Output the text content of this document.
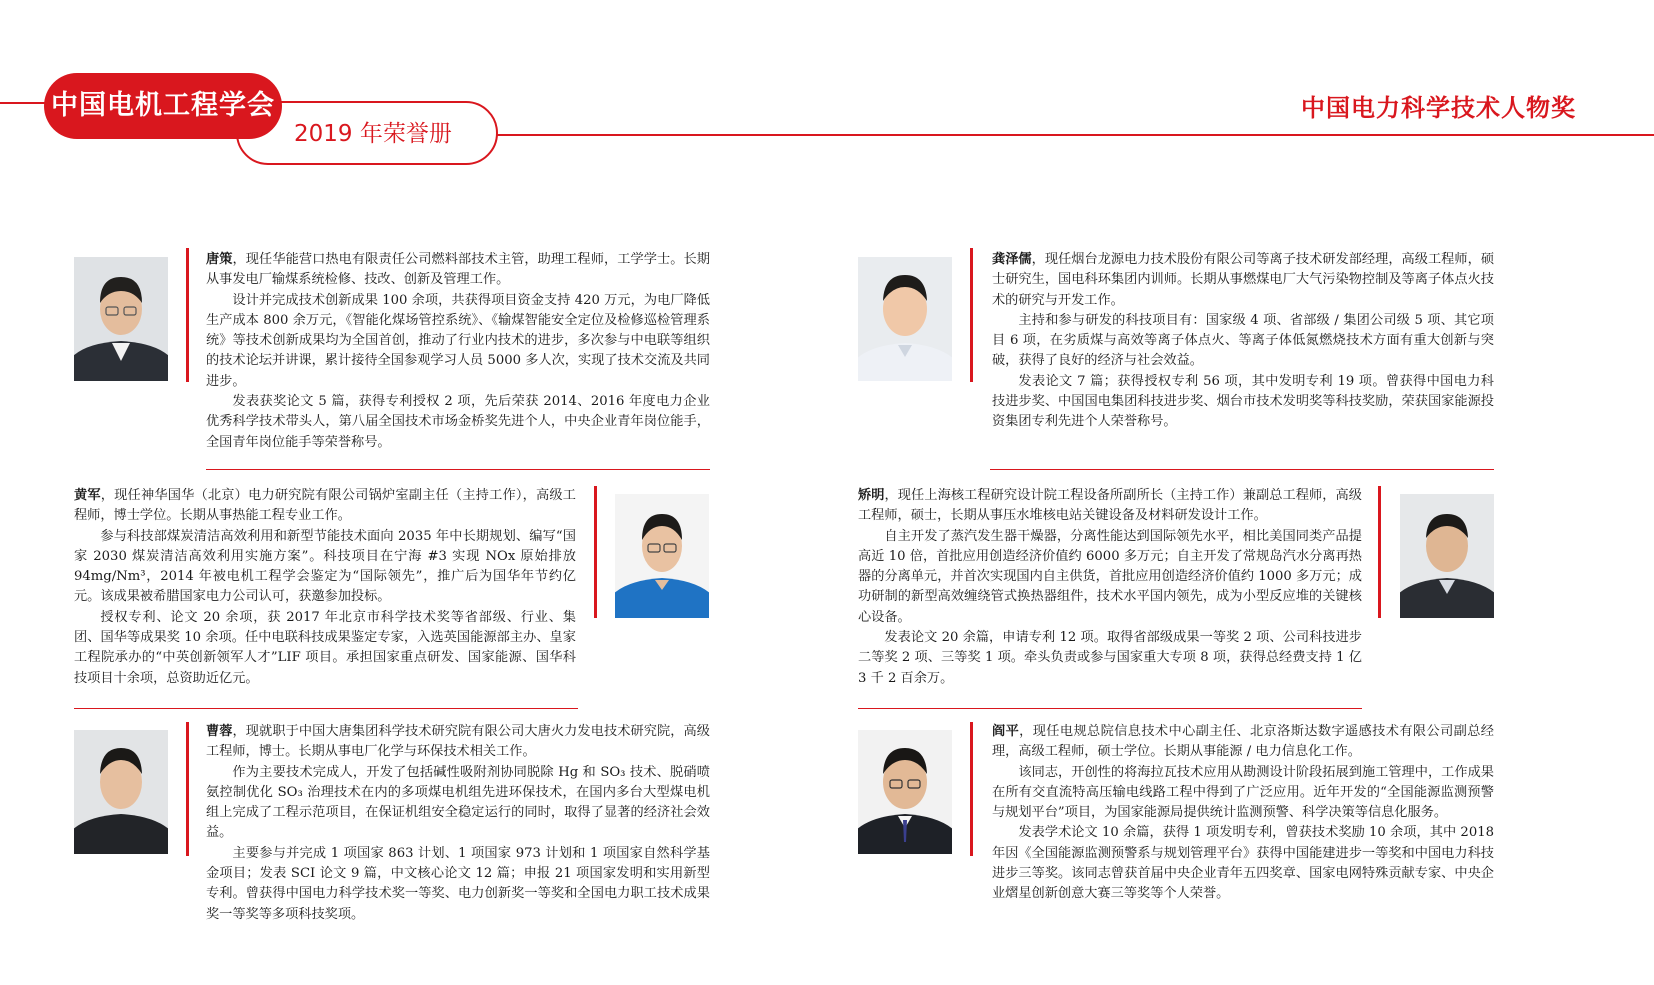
2019 年荣誉册
中国电机工程学会	中国电力科学技术人物奖

唐策，现任华能营口热电有限责任公司燃料部技术主管，助理工程师，工学学士。长期从事发电厂输煤系统检修、技改、创新及管理工作。

设计并完成技术创新成果 100 余项，共获得项目资金支持 420 万元，为电厂降低生产成本 800 余万元，《智能化煤场管控系统》、《输煤智能安全定位及检修巡检管理系统》等技术创新成果均为全国首创，推动了行业内技术的进步，多次参与中电联等组织的技术论坛并讲课，累计接待全国参观学习人员 5000 多人次，实现了技术交流及共同进步。

发表获奖论文 5 篇，获得专利授权 2 项，先后荣获 2014、2016 年度电力企业优秀科学技术带头人，第八届全国技术市场金桥奖先进个人，中央企业青年岗位能手，全国青年岗位能手等荣誉称号。

龚泽儒，现任烟台龙源电力技术股份有限公司等离子技术研发部经理，高级工程师，硕士研究生，国电科环集团内训师。长期从事燃煤电厂大气污染物控制及等离子体点火技术的研究与开发工作。

主持和参与研发的科技项目有：国家级 4 项、省部级 / 集团公司级 5 项、其它项目 6 项，在劣质煤与高效等离子体点火、等离子体低氮燃烧技术方面有重大创新与突破，获得了良好的经济与社会效益。

发表论文 7 篇；获得授权专利 56 项，其中发明专利 19 项。曾获得中国电力科技进步奖、中国国电集团科技进步奖、烟台市技术发明奖等科技奖励，荣获国家能源投资集团专利先进个人荣誉称号。

黄军，现任神华国华（北京）电力研究院有限公司锅炉室副主任（主持工作），高级工程师，博士学位。长期从事热能工程专业工作。

参与科技部煤炭清洁高效利用和新型节能技术面向 2035 年中长期规划、编写“国家 2030 煤炭清洁高效利用实施方案”。科技项目在宁海 #3 实现 NOx 原始排放 94mg/Nm³，2014 年被电机工程学会鉴定为“国际领先”，推广后为国华年节约亿元。该成果被希腊国家电力公司认可，获邀参加投标。

授权专利、论文 20 余项，获 2017 年北京市科学技术奖等省部级、行业、集团、国华等成果奖 10 余项。任中电联科技成果鉴定专家，入选英国能源部主办、皇家工程院承办的“中英创新领军人才”LIF 项目。承担国家重点研发、国家能源、国华科技项目十余项，总资助近亿元。

矫明，现任上海核工程研究设计院工程设备所副所长（主持工作）兼副总工程师，高级工程师，硕士，长期从事压水堆核电站关键设备及材料研发设计工作。

自主开发了蒸汽发生器干燥器，分离性能达到国际领先水平，相比美国同类产品提高近 10 倍，首批应用创造经济价值约 6000 多万元；自主开发了常规岛汽水分离再热器的分离单元，并首次实现国内自主供货，首批应用创造经济价值约 1000 多万元；成功研制的新型高效缠绕管式换热器组件，技术水平国内领先，成为小型反应堆的关键核心设备。

发表论文 20 余篇，申请专利 12 项。取得省部级成果一等奖 2 项、公司科技进步二等奖 2 项、三等奖 1 项。牵头负责或参与国家重大专项 8 项，获得总经费支持 1 亿 3 千 2 百余万。

曹蓉，现就职于中国大唐集团科学技术研究院有限公司大唐火力发电技术研究院，高级工程师，博士。长期从事电厂化学与环保技术相关工作。

作为主要技术完成人，开发了包括碱性吸附剂协同脱除 Hg 和 SO₃ 技术、脱硝喷氨控制优化 SO₃ 治理技术在内的多项煤电机组先进环保技术，在国内多台大型煤电机组上完成了工程示范项目，在保证机组安全稳定运行的同时，取得了显著的经济社会效益。

主要参与并完成 1 项国家 863 计划、1 项国家 973 计划和 1 项国家自然科学基金项目；发表 SCI 论文 9 篇，中文核心论文 12 篇；申报 21 项国家发明和实用新型专利。曾获得中国电力科学技术奖一等奖、电力创新奖一等奖和全国电力职工技术成果奖一等奖等多项科技奖项。

阎平，现任电规总院信息技术中心副主任、北京洛斯达数字遥感技术有限公司副总经理，高级工程师，硕士学位。长期从事能源 / 电力信息化工作。

该同志，开创性的将海拉瓦技术应用从勘测设计阶段拓展到施工管理中，工作成果在所有交直流特高压输电线路工程中得到了广泛应用。近年开发的“全国能源监测预警与规划平台”项目，为国家能源局提供统计监测预警、科学决策等信息化服务。

发表学术论文 10 余篇，获得 1 项发明专利，曾获技术奖励 10 余项，其中 2018 年因《全国能源监测预警系与规划管理平台》获得中国能建进步一等奖和中国电力科技进步三等奖。该同志曾获首届中央企业青年五四奖章、国家电网特殊贡献专家、中央企业熠星创新创意大赛三等奖等个人荣誉。
